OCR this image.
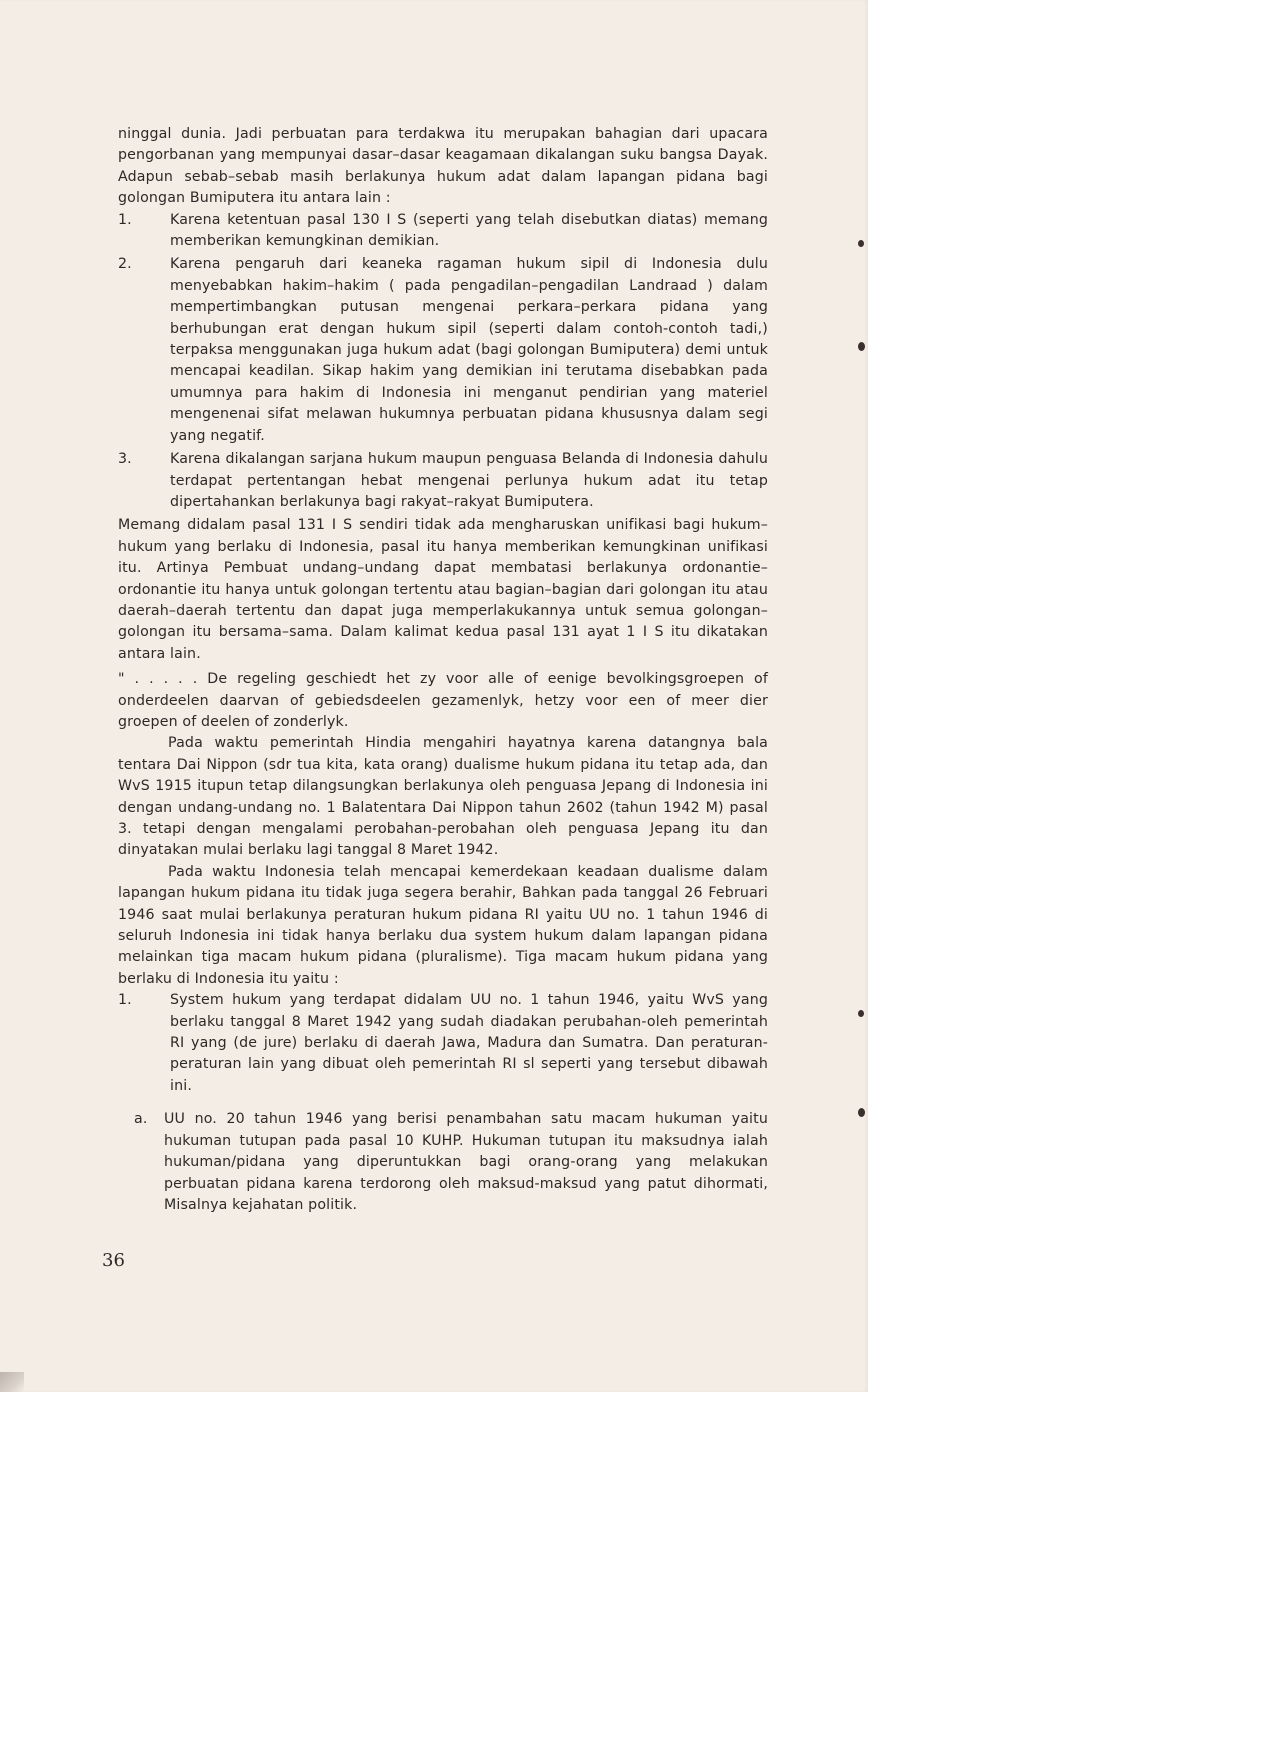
ninggal dunia. Jadi perbuatan para terdakwa itu merupakan bahagian dari upacara pengorbanan yang mempunyai dasar–dasar keagamaan dikalangan suku bangsa Dayak. Adapun sebab–sebab masih berlakunya hukum adat dalam lapangan pidana bagi golongan Bumiputera itu antara lain :

1.	Karena ketentuan pasal 130 I S (seperti yang telah disebutkan diatas) memang memberikan kemungkinan demikian.
2.	Karena pengaruh dari keaneka ragaman hukum sipil di Indonesia dulu menyebabkan hakim–hakim ( pada pengadilan–pengadilan Landraad ) dalam mempertimbangkan putusan mengenai perkara–perkara pidana yang berhubungan erat dengan hukum sipil (seperti dalam contoh-contoh tadi,) terpaksa menggunakan juga hukum adat (bagi golongan Bumiputera) demi untuk mencapai keadilan. Sikap hakim yang demikian ini terutama disebabkan pada umumnya para hakim di Indonesia ini menganut pendirian yang materiel mengenenai sifat melawan hukumnya perbuatan pidana khususnya dalam segi yang negatif.
3.	Karena dikalangan sarjana hukum maupun penguasa Belanda di Indonesia dahulu terdapat pertentangan hebat mengenai perlunya hukum adat itu tetap dipertahankan berlakunya bagi rakyat–rakyat Bumiputera.

Memang didalam pasal 131 I S sendiri tidak ada mengharuskan unifikasi bagi hukum–hukum yang berlaku di Indonesia, pasal itu hanya memberikan kemungkinan unifikasi itu. Artinya Pembuat undang–undang dapat membatasi berlakunya ordonantie–ordonantie itu hanya untuk golongan tertentu atau bagian–bagian dari golongan itu atau daerah–daerah tertentu dan dapat juga memperlakukannya untuk semua golongan–golongan itu bersama–sama. Dalam kalimat kedua pasal 131 ayat 1 I S itu dikatakan antara lain.

" . . . . . De regeling geschiedt het zy voor alle of eenige bevolkingsgroepen of onderdeelen daarvan of gebiedsdeelen gezamenlyk, hetzy voor een of meer dier groepen of deelen of zonderlyk.

Pada waktu pemerintah Hindia mengahiri hayatnya karena datangnya bala tentara Dai Nippon (sdr tua kita, kata orang) dualisme hukum pidana itu tetap ada, dan WvS 1915 itupun tetap dilangsungkan berlakunya oleh penguasa Jepang di Indonesia ini dengan undang-undang no. 1 Balatentara Dai Nippon tahun 2602 (tahun 1942 M) pasal 3. tetapi dengan mengalami perobahan-perobahan oleh penguasa Jepang itu dan dinyatakan mulai berlaku lagi tanggal 8 Maret 1942.

Pada waktu Indonesia telah mencapai kemerdekaan keadaan dualisme dalam lapangan hukum pidana itu tidak juga segera berahir, Bahkan pada tanggal 26 Februari 1946 saat mulai berlakunya peraturan hukum pidana RI yaitu UU no. 1 tahun 1946 di seluruh Indonesia ini tidak hanya berlaku dua system hukum dalam lapangan pidana melainkan tiga macam hukum pidana (pluralisme). Tiga macam hukum pidana yang berlaku di Indonesia itu yaitu :

1.	System hukum yang terdapat didalam UU no. 1 tahun 1946, yaitu WvS yang berlaku tanggal 8 Maret 1942 yang sudah diadakan perubahan-oleh pemerintah RI yang (de jure) berlaku di daerah Jawa, Madura dan Sumatra. Dan peraturan-peraturan lain yang dibuat oleh pemerintah RI sl seperti yang tersebut dibawah ini.
a.	UU no. 20 tahun 1946 yang berisi penambahan satu macam hukuman yaitu hukuman tutupan pada pasal 10 KUHP. Hukuman tutupan itu maksudnya ialah hukuman/pidana yang diperuntukkan bagi orang-orang yang melakukan perbuatan pidana karena terdorong oleh maksud-maksud yang patut dihormati, Misalnya kejahatan politik.
36
